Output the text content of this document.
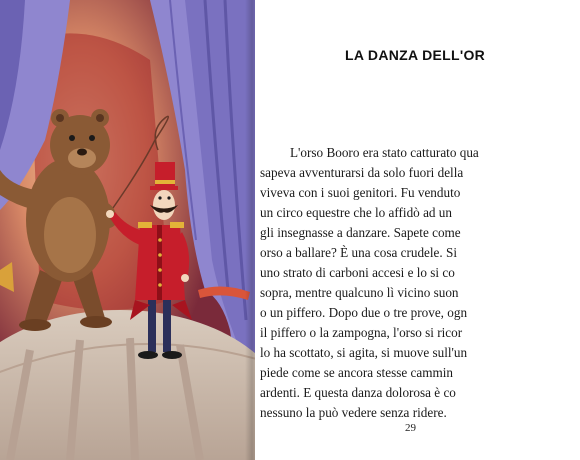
LA DANZA DELL'OR
L'orso Booro era stato catturato qua
sapeva avventurarsi da solo fuori della
viveva con i suoi genitori. Fu venduto
un circo equestre che lo affidò ad un
gli insegnasse a danzare. Sapete come
orso a ballare? È una cosa crudele. Si
uno strato di carboni accesi e lo si co
sopra, mentre qualcuno lì vicino suon
o un piffero. Dopo due o tre prove, ogn
il piffero o la zampogna, l'orso si ricor
lo ha scottato, si agita, si muove sull'un
piede come se ancora stesse cammin
ardenti. E questa danza dolorosa è co
nessuno la può vedere senza ridere.
29
